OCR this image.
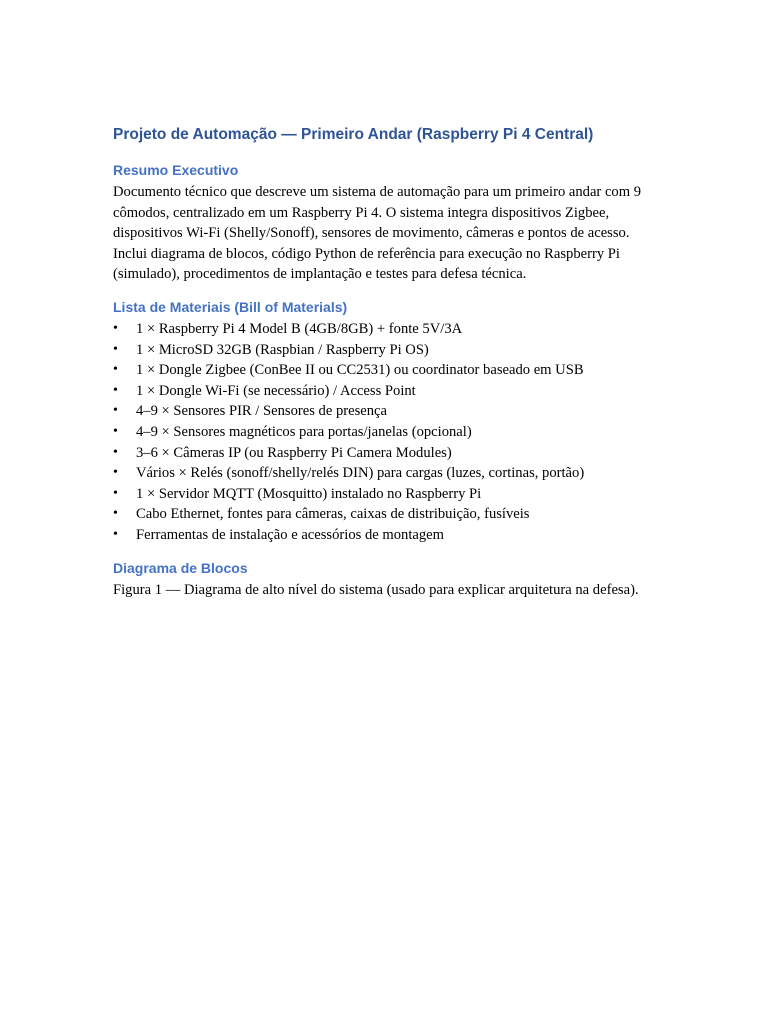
Projeto de Automação — Primeiro Andar (Raspberry Pi 4 Central)
Resumo Executivo

Documento técnico que descreve um sistema de automação para um primeiro andar com 9 cômodos, centralizado em um Raspberry Pi 4. O sistema integra dispositivos Zigbee, dispositivos Wi-Fi (Shelly/Sonoff), sensores de movimento, câmeras e pontos de acesso. Inclui diagrama de blocos, código Python de referência para execução no Raspberry Pi (simulado), procedimentos de implantação e testes para defesa técnica.

Lista de Materiais (Bill of Materials)
• 1 × Raspberry Pi 4 Model B (4GB/8GB) + fonte 5V/3A
• 1 × MicroSD 32GB (Raspbian / Raspberry Pi OS)
• 1 × Dongle Zigbee (ConBee II ou CC2531) ou coordinator baseado em USB
• 1 × Dongle Wi-Fi (se necessário) / Access Point
• 4–9 × Sensores PIR / Sensores de presença
• 4–9 × Sensores magnéticos para portas/janelas (opcional)
• 3–6 × Câmeras IP (ou Raspberry Pi Camera Modules)
• Vários × Relés (sonoff/shelly/relés DIN) para cargas (luzes, cortinas, portão)
• 1 × Servidor MQTT (Mosquitto) instalado no Raspberry Pi
• Cabo Ethernet, fontes para câmeras, caixas de distribuição, fusíveis
• Ferramentas de instalação e acessórios de montagem
Diagrama de Blocos

Figura 1 — Diagrama de alto nível do sistema (usado para explicar arquitetura na defesa).
